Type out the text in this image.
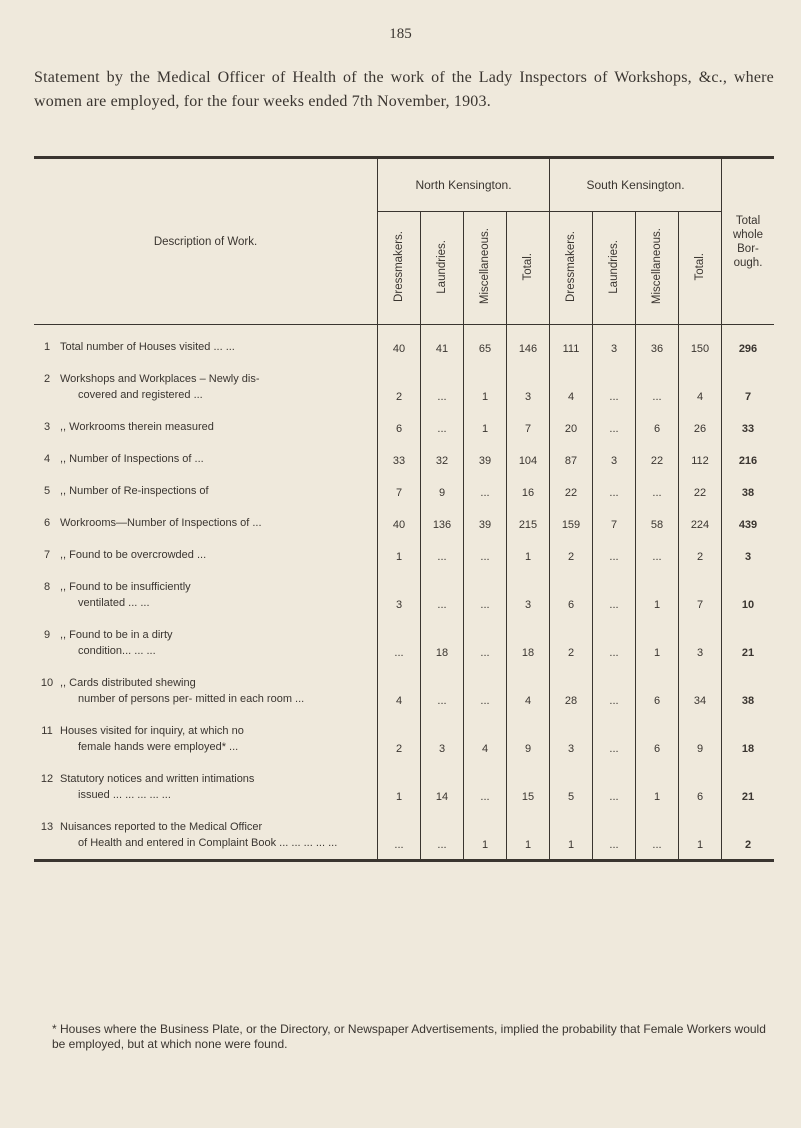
185
Statement by the Medical Officer of Health of the work of the Lady Inspectors of Workshops, &c., where women are employed, for the four weeks ended 7th November, 1903.
Description of Work.	North Kensington.				South Kensington.				Total whole Bor- ough.
	Dressmakers.	Laundries.	Miscellaneous.	Total.	Dressmakers.	Laundries.	Miscellaneous.	Total.	
1 Total number of Houses visited ... ...	40	41	65	146	111	3	36	150	296
2 Workshops and Workplaces – Newly dis-
covered and registered ...	2	...	1	3	4	...	...	4	7
3 ,, Workrooms therein measured	6	...	1	7	20	...	6	26	33
4 ,, Number of Inspections of ...	33	32	39	104	87	3	22	112	216
5 ,, Number of Re-inspections of	7	9	...	16	22	...	...	22	38
6 Workrooms—Number of Inspections of ...	40	136	39	215	159	7	58	224	439
7 ,, Found to be overcrowded ...	1	...	...	1	2	...	...	2	3
8 ,, Found to be insufficiently
ventilated ... ...	3	...	...	3	6	...	1	7	10
9 ,, Found to be in a dirty
condition... ... ...	...	18	...	18	2	...	1	3	21
10 ,, Cards distributed shewing
number of persons per- mitted in each room ...	4	...	...	4	28	...	6	34	38
11 Houses visited for inquiry, at which no
female hands were employed* ...	2	3	4	9	3	...	6	9	18
12 Statutory notices and written intimations
issued ... ... ... ... ...	1	14	...	15	5	...	1	6	21
13 Nuisances reported to the Medical Officer
of Health and entered in Complaint Book ... ... ... ... ...	...	...	1	1	1	...	...	1	2
* Houses where the Business Plate, or the Directory, or Newspaper Advertisements, implied the probability that Female Workers would be employed, but at which none were found.
